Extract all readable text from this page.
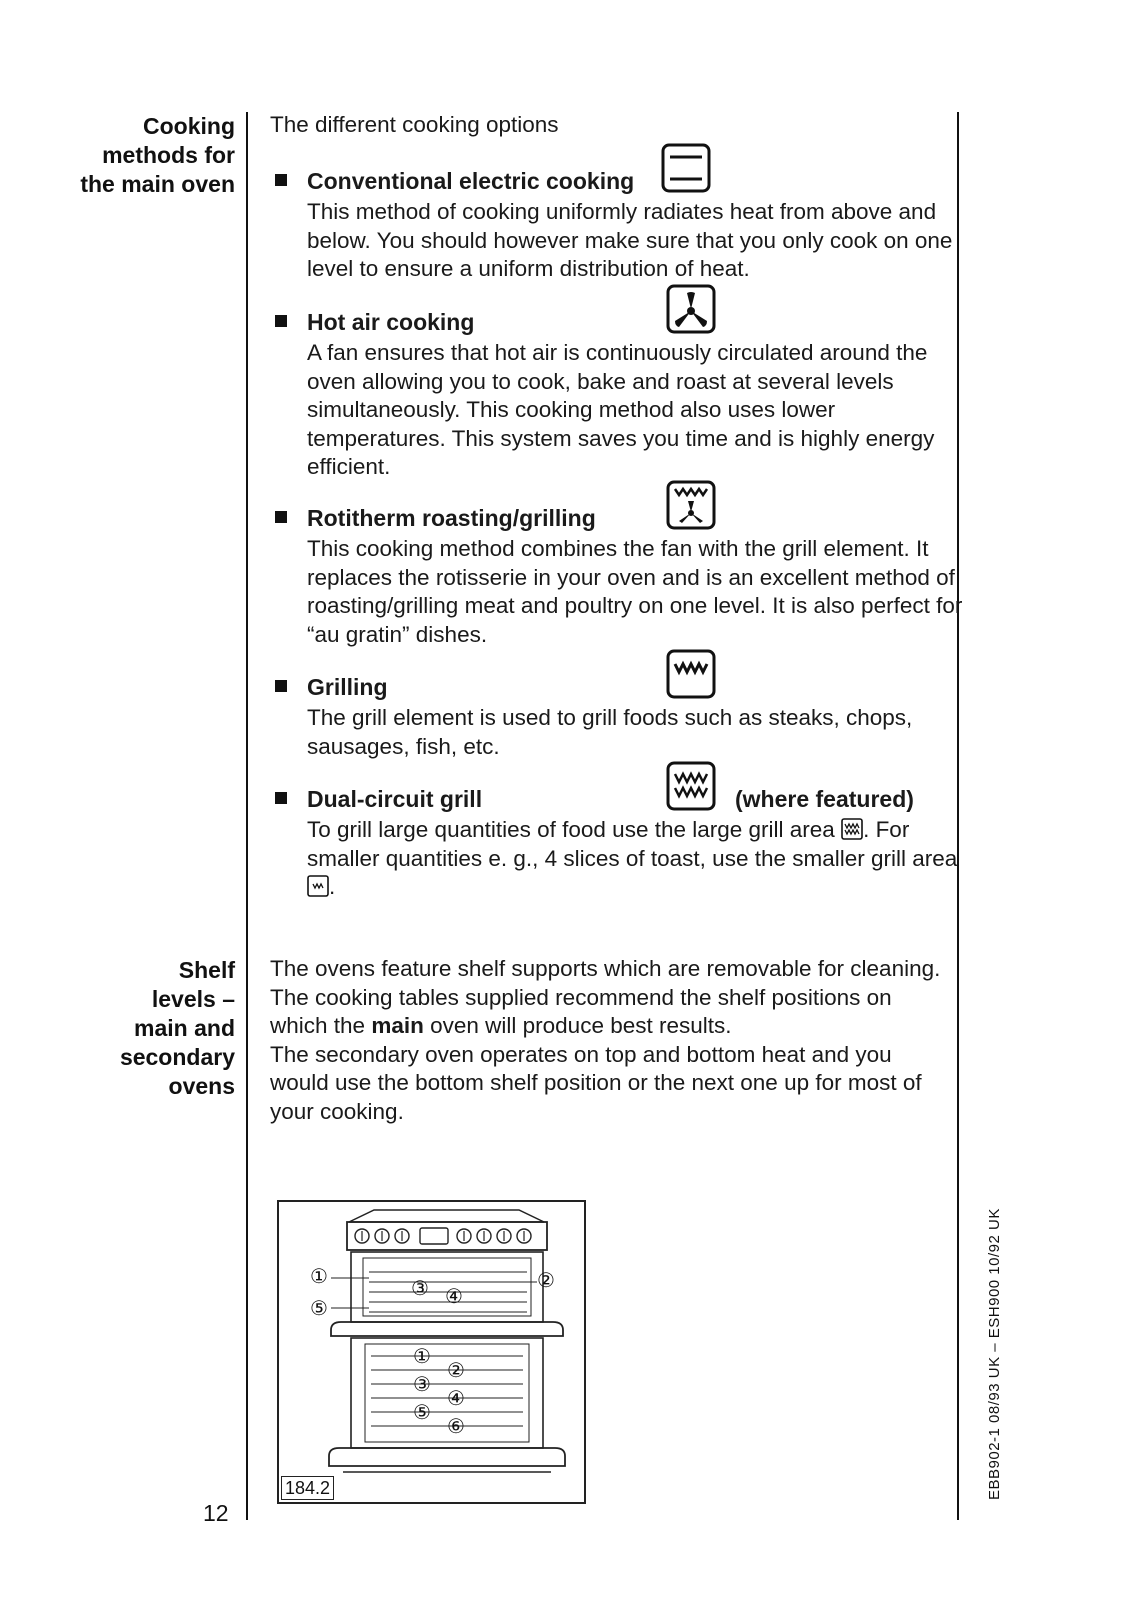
Cooking
methods for
the main oven
Shelf
levels –
main and
secondary
ovens
The different cooking options
Conventional electric cooking
This method of cooking uniformly radiates heat from above and below. You should however make sure that you only cook on one level to ensure a uniform distribution of heat.
Hot air cooking
A fan ensures that hot air is continuously circulated around the oven allowing you to cook, bake and roast at several levels simultaneously. This cooking method also uses lower temperatures. This system saves you time and is highly energy efficient.
Rotitherm roasting/grilling
This cooking method combines the fan with the grill element. It replaces the rotisserie in your oven and is an excellent method of roasting/grilling meat and poultry on one level. It is also perfect for “au gratin” dishes.
Grilling
The grill element is used to grill foods such as steaks, chops, sausages, fish, etc.
Dual-circuit grill	(where featured)
To grill large quantities of food use the large grill area . For smaller quantities e. g., 4 slices of toast, use the smaller grill area .
The ovens feature shelf supports which are removable for cleaning.
The cooking tables supplied recommend the shelf positions on which the main oven will produce best results.
The secondary oven operates on top and bottom heat and you would use the bottom shelf position or the next one up for most of your cooking.
①
⑤
③ ④
②
①
②
③
④
⑤
⑥
184.2
12
EBB902-1 08/93 UK – ESH900 10/92 UK
